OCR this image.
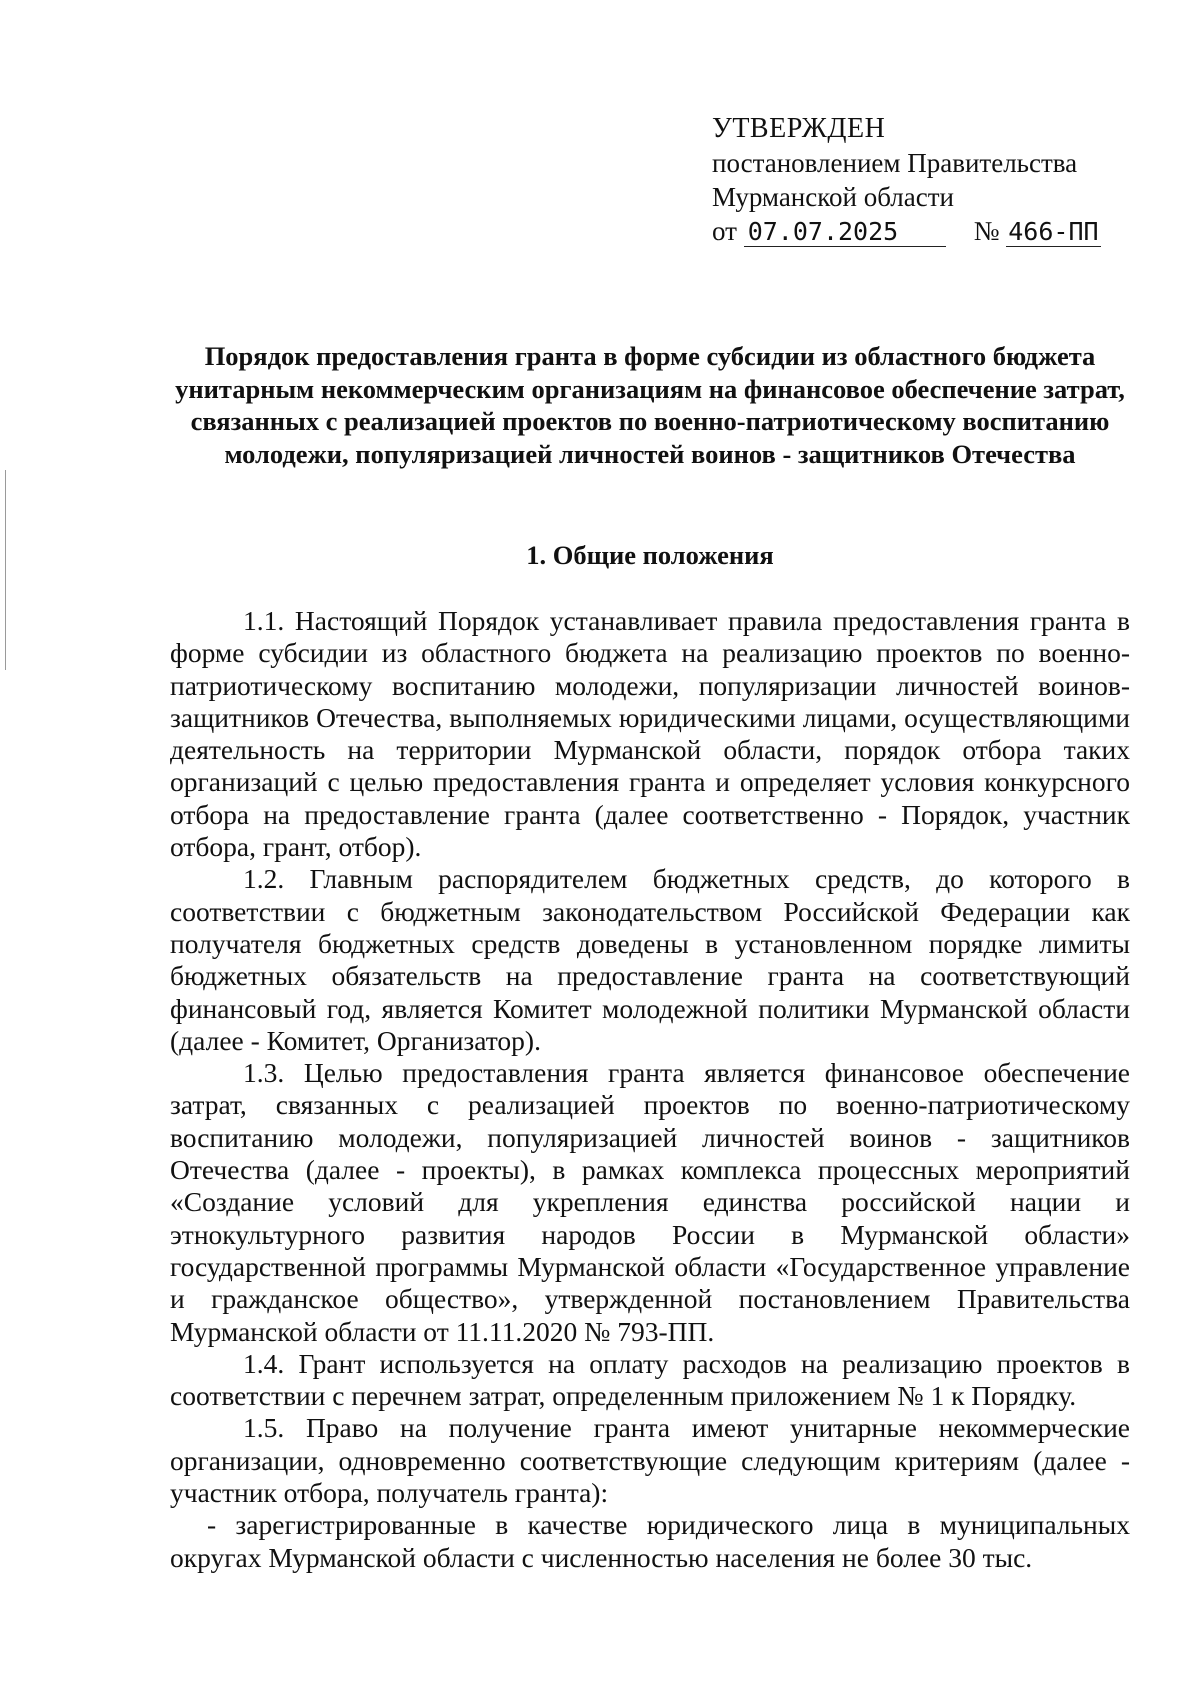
УТВЕРЖДЕН
постановлением Правительства
Мурманской области
от 07.07.2025	№ 466-ПП
Порядок предоставления гранта в форме субсидии из областного бюджета унитарным некоммерческим организациям на финансовое обеспечение затрат, связанных с реализацией проектов по военно-патриотическому воспитанию молодежи, популяризацией личностей воинов - защитников Отечества
1. Общие положения

1.1. Настоящий Порядок устанавливает правила предоставления гранта в форме субсидии из областного бюджета на реализацию проектов по военно-патриотическому воспитанию молодежи, популяризации личностей воинов-защитников Отечества, выполняемых юридическими лицами, осуществляющими деятельность на территории Мурманской области, порядок отбора таких организаций с целью предоставления гранта и определяет условия конкурсного отбора на предоставление гранта (далее соответственно - Порядок, участник отбора, грант, отбор).

1.2. Главным распорядителем бюджетных средств, до которого в соответствии с бюджетным законодательством Российской Федерации как получателя бюджетных средств доведены в установленном порядке лимиты бюджетных обязательств на предоставление гранта на соответствующий финансовый год, является Комитет молодежной политики Мурманской области (далее - Комитет, Организатор).

1.3. Целью предоставления гранта является финансовое обеспечение затрат, связанных с реализацией проектов по военно-патриотическому воспитанию молодежи, популяризацией личностей воинов - защитников Отечества (далее - проекты), в рамках комплекса процессных мероприятий «Создание условий для укрепления единства российской нации и этнокультурного развития народов России в Мурманской области» государственной программы Мурманской области «Государственное управление и гражданское общество», утвержденной постановлением Правительства Мурманской области от 11.11.2020 № 793-ПП.

1.4. Грант используется на оплату расходов на реализацию проектов в соответствии с перечнем затрат, определенным приложением № 1 к Порядку.

1.5. Право на получение гранта имеют унитарные некоммерческие организации, одновременно соответствующие следующим критериям (далее - участник отбора, получатель гранта):

- зарегистрированные в качестве юридического лица в муниципальных округах Мурманской области с численностью населения не более 30 тыс.
